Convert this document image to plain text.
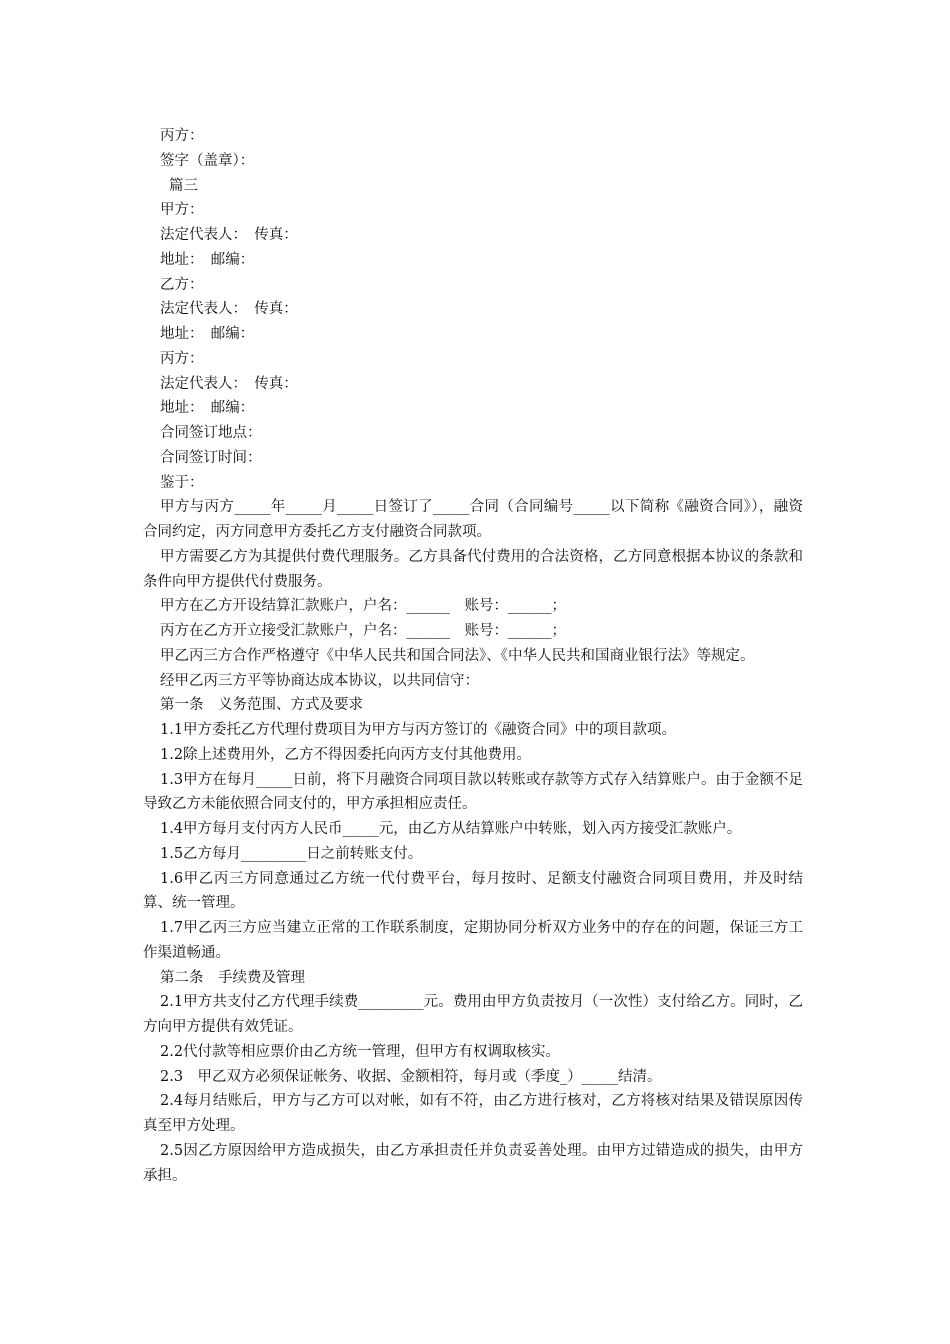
丙方：

签字（盖章）：

篇三

甲方：

法定代表人：　传真：

地址：　邮编：

乙方：

法定代表人：　传真：

地址：　邮编：

丙方：

法定代表人：　传真：

地址：　邮编：

合同签订地点：

合同签订时间：

鉴于：

甲方与丙方_____年_____月_____日签订了_____合同（合同编号_____以下简称《融资合同》），融资合同约定，丙方同意甲方委托乙方支付融资合同款项。

甲方需要乙方为其提供付费代理服务。乙方具备代付费用的合法资格，乙方同意根据本协议的条款和条件向甲方提供代付费服务。

甲方在乙方开设结算汇款账户，户名：______　账号：______；

丙方在乙方开立接受汇款账户，户名：______　账号：______；

甲乙丙三方合作严格遵守《中华人民共和国合同法》、《中华人民共和国商业银行法》等规定。

经甲乙丙三方平等协商达成本协议，以共同信守：

第一条　义务范围、方式及要求

1.1甲方委托乙方代理付费项目为甲方与丙方签订的《融资合同》中的项目款项。

1.2除上述费用外，乙方不得因委托向丙方支付其他费用。

1.3甲方在每月_____日前，将下月融资合同项目款以转账或存款等方式存入结算账户。由于金额不足导致乙方未能依照合同支付的，甲方承担相应责任。

1.4甲方每月支付丙方人民币_____元，由乙方从结算账户中转账，划入丙方接受汇款账户。

1.5乙方每月_________日之前转账支付。

1.6甲乙丙三方同意通过乙方统一代付费平台，每月按时、足额支付融资合同项目费用，并及时结算、统一管理。

1.7甲乙丙三方应当建立正常的工作联系制度，定期协同分析双方业务中的存在的问题，保证三方工作渠道畅通。

第二条　手续费及管理

2.1甲方共支付乙方代理手续费_________元。费用由甲方负责按月（一次性）支付给乙方。同时，乙方向甲方提供有效凭证。

2.2代付款等相应票价由乙方统一管理，但甲方有权调取核实。

2.3　甲乙双方必须保证帐务、收据、金额相符，每月或（季度_）_____结清。

2.4每月结账后，甲方与乙方可以对帐，如有不符，由乙方进行核对，乙方将核对结果及错误原因传真至甲方处理。

2.5因乙方原因给甲方造成损失，由乙方承担责任并负责妥善处理。由甲方过错造成的损失，由甲方承担。
